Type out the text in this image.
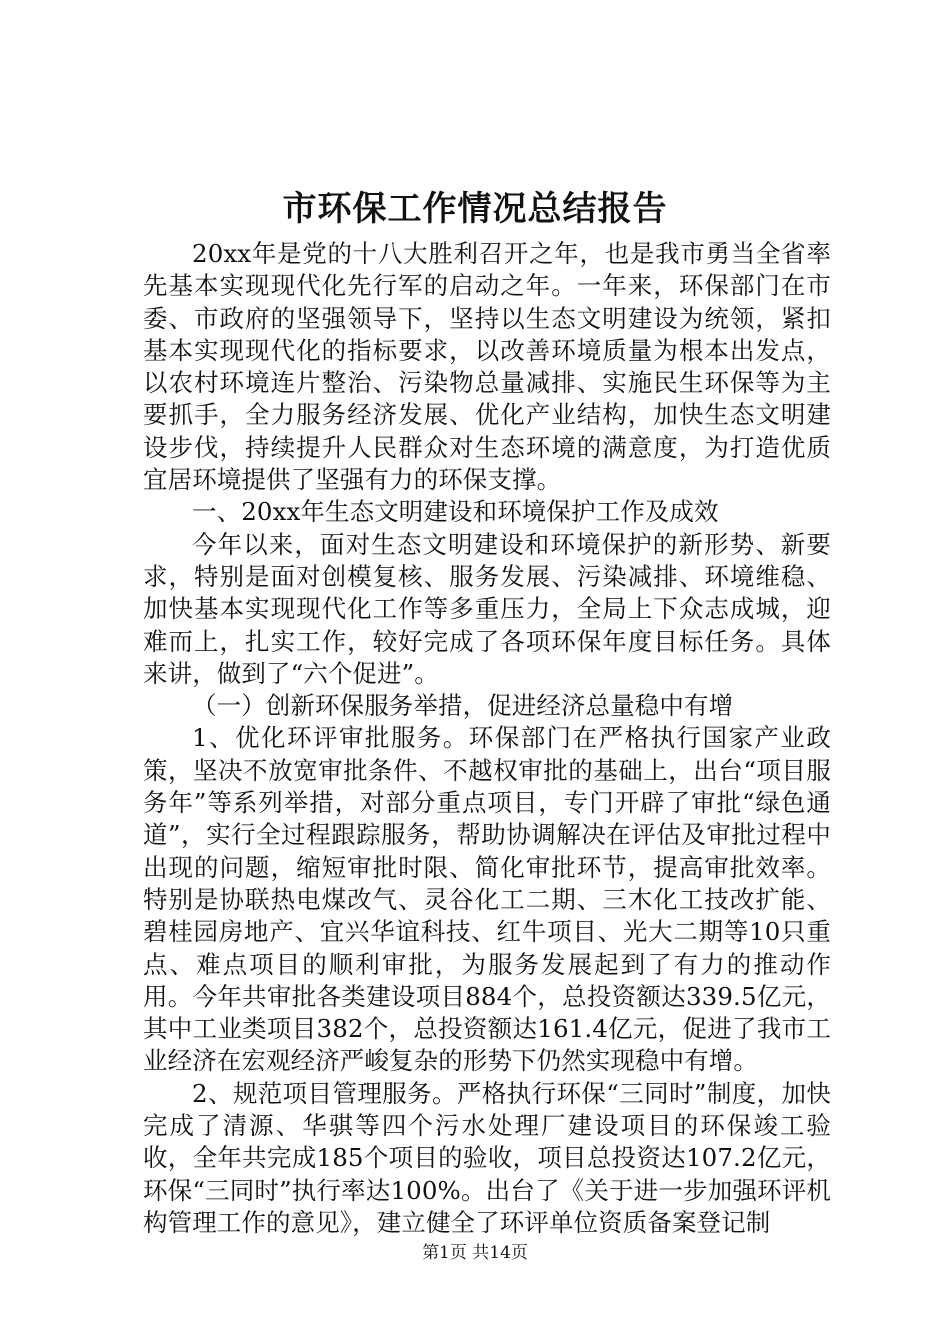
市环保工作情况总结报告

20xx年是党的十八大胜利召开之年，也是我市勇当全省率先基本实现现代化先行军的启动之年。一年来，环保部门在市委、市政府的坚强领导下，坚持以生态文明建设为统领，紧扣基本实现现代化的指标要求，以改善环境质量为根本出发点，以农村环境连片整治、污染物总量减排、实施民生环保等为主要抓手，全力服务经济发展、优化产业结构，加快生态文明建设步伐，持续提升人民群众对生态环境的满意度，为打造优质宜居环境提供了坚强有力的环保支撑。

一、20xx年生态文明建设和环境保护工作及成效

今年以来，面对生态文明建设和环境保护的新形势、新要求，特别是面对创模复核、服务发展、污染减排、环境维稳、加快基本实现现代化工作等多重压力，全局上下众志成城，迎难而上，扎实工作，较好完成了各项环保年度目标任务。具体来讲，做到了“六个促进”。

（一）创新环保服务举措，促进经济总量稳中有增

1、优化环评审批服务。环保部门在严格执行国家产业政策，坚决不放宽审批条件、不越权审批的基础上，出台“项目服务年”等系列举措，对部分重点项目，专门开辟了审批“绿色通道”，实行全过程跟踪服务，帮助协调解决在评估及审批过程中出现的问题，缩短审批时限、简化审批环节，提高审批效率。特别是协联热电煤改气、灵谷化工二期、三木化工技改扩能、碧桂园房地产、宜兴华谊科技、红牛项目、光大二期等10只重点、难点项目的顺利审批，为服务发展起到了有力的推动作用。今年共审批各类建设项目884个，总投资额达339.5亿元，其中工业类项目382个，总投资额达161.4亿元，促进了我市工业经济在宏观经济严峻复杂的形势下仍然实现稳中有增。

2、规范项目管理服务。严格执行环保“三同时”制度，加快完成了清源、华骐等四个污水处理厂建设项目的环保竣工验收，全年共完成185个项目的验收，项目总投资达107.2亿元，环保“三同时”执行率达100%。出台了《关于进一步加强环评机构管理工作的意见》，建立健全了环评单位资质备案登记制

第1页 共14页
